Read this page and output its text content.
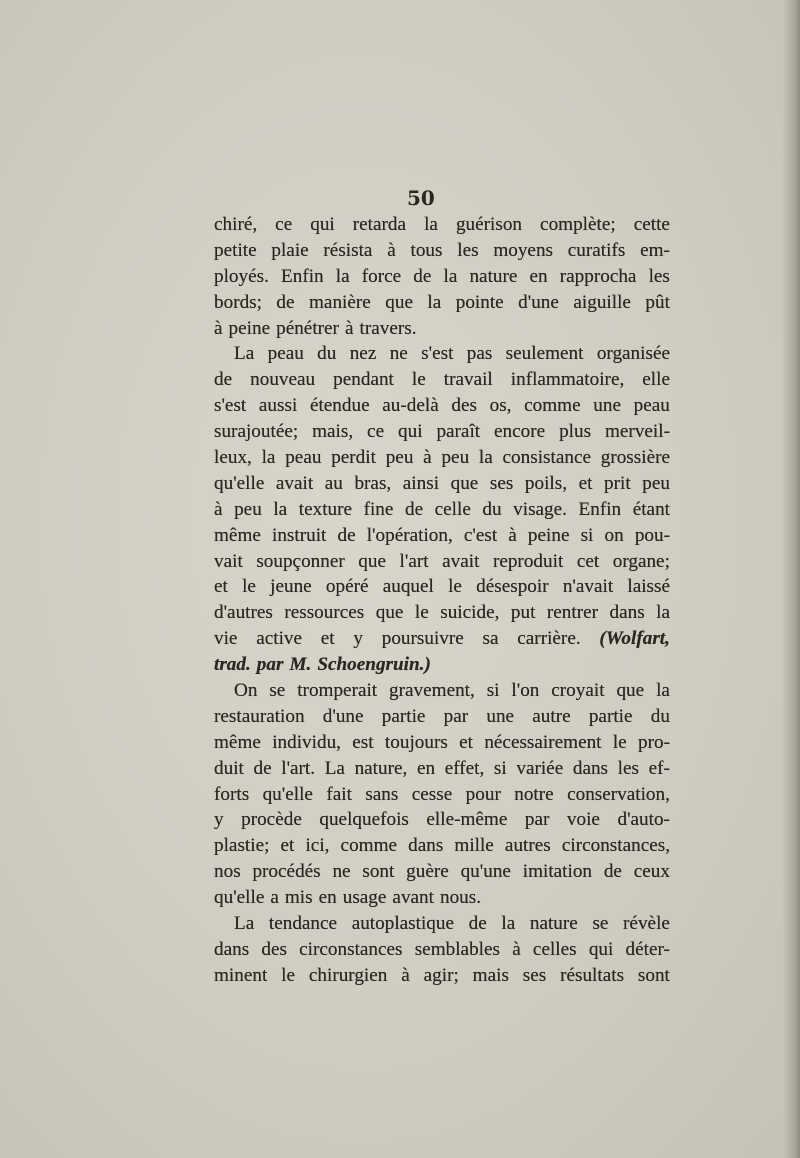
50

chiré, ce qui retarda la guérison complète; cette
petite plaie résista à tous les moyens curatifs em-
ployés. Enfin la force de la nature en rapprocha les
bords; de manière que la pointe d'une aiguille pût
à peine pénétrer à travers.
La peau du nez ne s'est pas seulement organisée
de nouveau pendant le travail inflammatoire, elle
s'est aussi étendue au-delà des os, comme une peau
surajoutée; mais, ce qui paraît encore plus merveil-
leux, la peau perdit peu à peu la consistance grossière
qu'elle avait au bras, ainsi que ses poils, et prit peu
à peu la texture fine de celle du visage. Enfin étant
même instruit de l'opération, c'est à peine si on pou-
vait soupçonner que l'art avait reproduit cet organe;
et le jeune opéré auquel le désespoir n'avait laissé
d'autres ressources que le suicide, put rentrer dans la
vie active et y poursuivre sa carrière. (Wolfart,
trad. par M. Schoengruin.)
On se tromperait gravement, si l'on croyait que la
restauration d'une partie par une autre partie du
même individu, est toujours et nécessairement le pro-
duit de l'art. La nature, en effet, si variée dans les ef-
forts qu'elle fait sans cesse pour notre conservation,
y procède quelquefois elle-même par voie d'auto-
plastie; et ici, comme dans mille autres circonstances,
nos procédés ne sont guère qu'une imitation de ceux
qu'elle a mis en usage avant nous.
La tendance autoplastique de la nature se révèle
dans des circonstances semblables à celles qui déter-
minent le chirurgien à agir; mais ses résultats sont
